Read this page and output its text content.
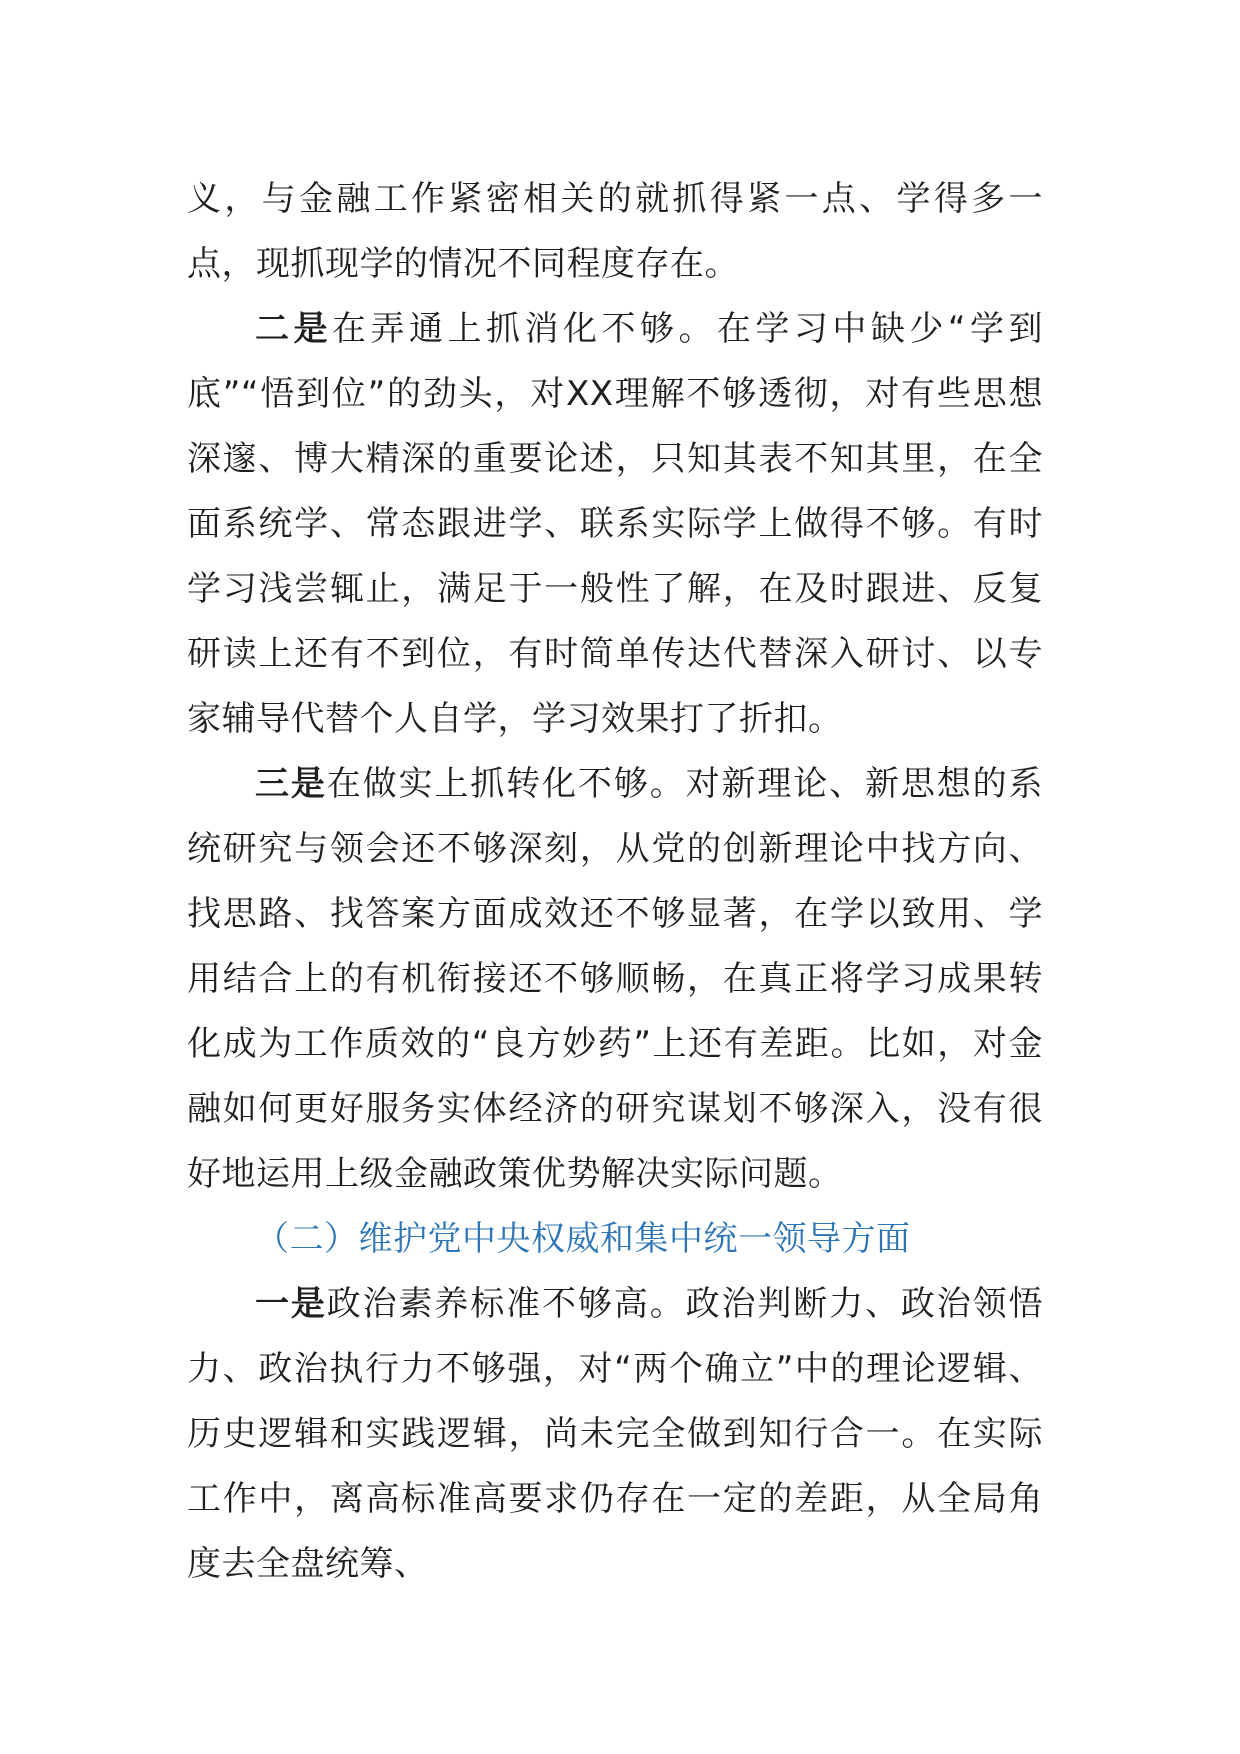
义，与金融工作紧密相关的就抓得紧一点、学得多一点，现抓现学的情况不同程度存在。

二是在弄通上抓消化不够。在学习中缺少“学到底”“悟到位”的劲头，对XX理解不够透彻，对有些思想深邃、博大精深的重要论述，只知其表不知其里，在全面系统学、常态跟进学、联系实际学上做得不够。有时学习浅尝辄止，满足于一般性了解，在及时跟进、反复研读上还有不到位，有时简单传达代替深入研讨、以专家辅导代替个人自学，学习效果打了折扣。

三是在做实上抓转化不够。对新理论、新思想的系统研究与领会还不够深刻，从党的创新理论中找方向、找思路、找答案方面成效还不够显著，在学以致用、学用结合上的有机衔接还不够顺畅，在真正将学习成果转化成为工作质效的“良方妙药”上还有差距。比如，对金融如何更好服务实体经济的研究谋划不够深入，没有很好地运用上级金融政策优势解决实际问题。

（二）维护党中央权威和集中统一领导方面

一是政治素养标准不够高。政治判断力、政治领悟力、政治执行力不够强，对“两个确立”中的理论逻辑、历史逻辑和实践逻辑，尚未完全做到知行合一。在实际工作中，离高标准高要求仍存在一定的差距，从全局角度去全盘统筹、
